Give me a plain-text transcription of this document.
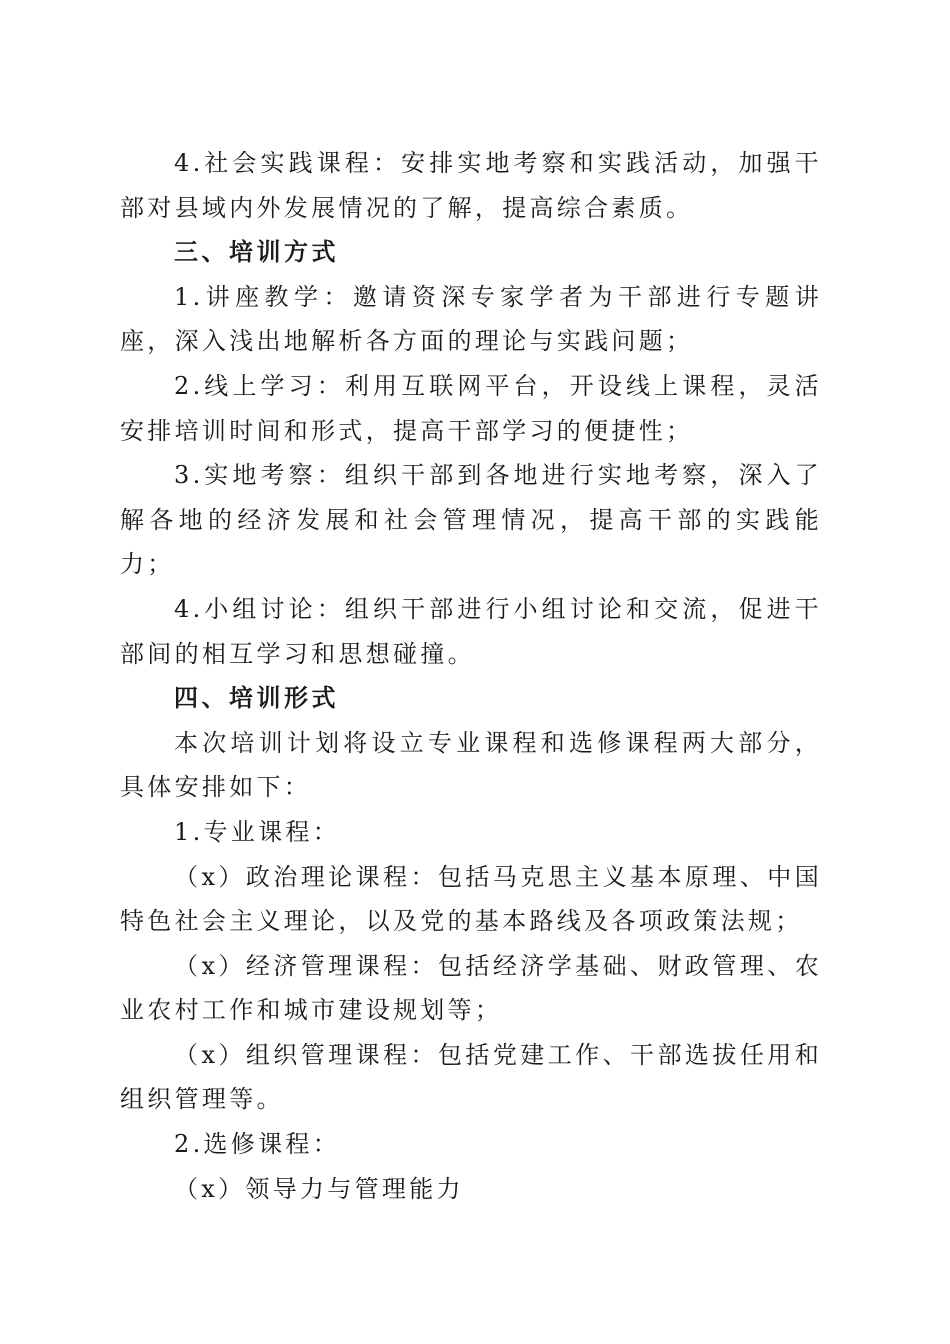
4.社会实践课程：安排实地考察和实践活动，加强干部对县域内外发展情况的了解，提高综合素质。

三、培训方式

1.讲座教学：邀请资深专家学者为干部进行专题讲座，深入浅出地解析各方面的理论与实践问题；

2.线上学习：利用互联网平台，开设线上课程，灵活安排培训时间和形式，提高干部学习的便捷性；

3.实地考察：组织干部到各地进行实地考察，深入了解各地的经济发展和社会管理情况，提高干部的实践能力；

4.小组讨论：组织干部进行小组讨论和交流，促进干部间的相互学习和思想碰撞。

四、培训形式

本次培训计划将设立专业课程和选修课程两大部分，具体安排如下：

1.专业课程：

（x）政治理论课程：包括马克思主义基本原理、中国特色社会主义理论，以及党的基本路线及各项政策法规；

（x）经济管理课程：包括经济学基础、财政管理、农业农村工作和城市建设规划等；

（x）组织管理课程：包括党建工作、干部选拔任用和组织管理等。

2.选修课程：

（x）领导力与管理能力
